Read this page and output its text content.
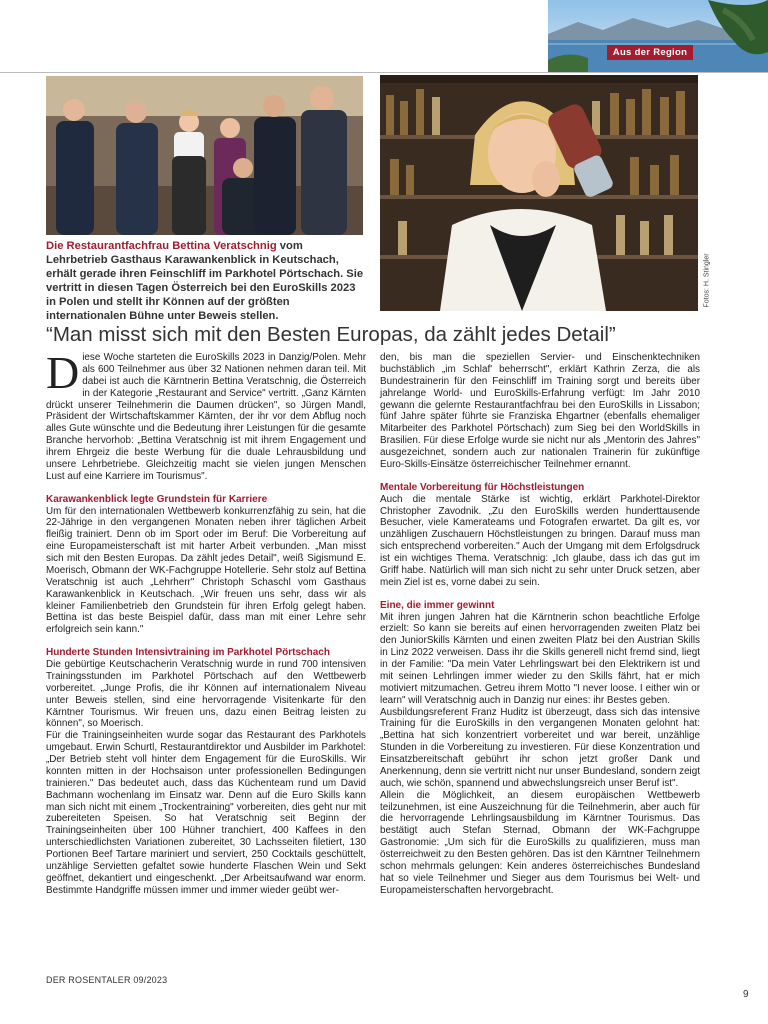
Aus der Region
Fotos: H. Stingler
Die Restaurantfachfrau Bettina Veratschnig vom Lehrbetrieb Gasthaus Karawankenblick in Keutschach, erhält gerade ihren Feinschliff im Parkhotel Pörtschach. Sie vertritt in diesen Tagen Österreich bei den EuroSkills 2023 in Polen und stellt ihr Können auf der größten internationalen Bühne unter Beweis stellen.
“Man misst sich mit den Besten Europas, da zählt jedes Detail”

Diese Woche starteten die EuroSkills 2023 in Danzig/Polen. Mehr als 600 Teilnehmer aus über 32 Nationen nehmen daran teil. Mit dabei ist auch die Kärntnerin Bettina Veratschnig, die Österreich in der Kategorie „Restaurant and Service" vertritt. „Ganz Kärnten drückt unserer Teilnehmerin die Daumen drücken", so Jürgen Mandl, Präsident der Wirtschaftskammer Kärnten, der ihr vor dem Abflug noch alles Gute wünschte und die Bedeutung ihrer Leistungen für die gesamte Branche hervorhob: „Bettina Veratschnig ist mit ihrem Engagement und ihrem Ehrgeiz die beste Werbung für die duale Lehrausbildung und unsere Lehrbetriebe. Gleichzeitig macht sie vielen jungen Menschen Lust auf eine Karriere im Tourismus".

Karawankenblick legte Grundstein für Karriere

Um für den internationalen Wettbewerb konkurrenzfähig zu sein, hat die 22-Jährige in den vergangenen Monaten neben ihrer täglichen Arbeit fleißig trainiert. Denn ob im Sport oder im Beruf: Die Vorbereitung auf eine Europameisterschaft ist mit harter Arbeit verbunden. „Man misst sich mit den Besten Europas. Da zählt jedes Detail", weiß Sigismund E. Moerisch, Obmann der WK-Fachgruppe Hotellerie. Sehr stolz auf Bettina Veratschnig ist auch „Lehrherr" Christoph Schaschl vom Gasthaus Karawankenblick in Keutschach. „Wir freuen uns sehr, dass wir als kleiner Familienbetrieb den Grundstein für ihren Erfolg gelegt haben. Bettina ist das beste Beispiel dafür, dass man mit einer Lehre sehr erfolgreich sein kann."

Hunderte Stunden Intensivtraining im Parkhotel Pörtschach

Die gebürtige Keutschacherin Veratschnig wurde in rund 700 intensiven Trainingsstunden im Parkhotel Pörtschach auf den Wettbewerb vorbereitet. „Junge Profis, die ihr Können auf internationalem Niveau unter Beweis stellen, sind eine hervorragende Visitenkarte für den Kärntner Tourismus. Wir freuen uns, dazu einen Beitrag leisten zu können", so Moerisch.

Für die Trainingseinheiten wurde sogar das Restaurant des Parkhotels umgebaut. Erwin Schurtl, Restaurantdirektor und Ausbilder im Parkhotel: „Der Betrieb steht voll hinter dem Engagement für die EuroSkills. Wir konnten mitten in der Hochsaison unter professionellen Bedingungen trainieren." Das bedeutet auch, dass das Küchenteam rund um David Bachmann wochenlang im Einsatz war. Denn auf die Euro Skills kann man sich nicht mit einem „Trockentraining" vorbereiten, dies geht nur mit zubereiteten Speisen. So hat Veratschnig seit Beginn der Trainingseinheiten über 100 Hühner tranchiert, 400 Kaffees in den unterschiedlichsten Variationen zubereitet, 30 Lachsseiten filetiert, 130 Portionen Beef Tartare mariniert und serviert, 250 Cocktails geschüttelt, unzählige Servietten gefaltet sowie hunderte Flaschen Wein und Sekt geöffnet, dekantiert und eingeschenkt. „Der Arbeitsaufwand war enorm. Bestimmte Handgriffe müssen immer und immer wieder geübt wer-

den, bis man die speziellen Servier- und Einschenktechniken buchstäblich „im Schlaf' beherrscht", erklärt Kathrin Zerza, die als Bundestrainerin für den Feinschliff im Training sorgt und bereits über jahrelange World- und EuroSkills-Erfahrung verfügt: Im Jahr 2010 gewann die gelernte Restaurantfachfrau bei den EuroSkills in Lissabon; fünf Jahre später führte sie Franziska Ehgartner (ebenfalls ehemaliger Mitarbeiter des Parkhotel Pörtschach) zum Sieg bei den WorldSkills in Brasilien. Für diese Erfolge wurde sie nicht nur als „Mentorin des Jahres" ausgezeichnet, sondern auch zur nationalen Trainerin für zukünftige Euro-Skills-Einsätze österreichischer Teilnehmer ernannt.

Mentale Vorbereitung für Höchstleistungen

Auch die mentale Stärke ist wichtig, erklärt Parkhotel-Direktor Christopher Zavodnik. „Zu den EuroSkills werden hunderttausende Besucher, viele Kamerateams und Fotografen erwartet. Da gilt es, vor unzähligen Zuschauern Höchstleistungen zu bringen. Darauf muss man sich entsprechend vorbereiten." Auch der Umgang mit dem Erfolgsdruck ist ein wichtiges Thema. Veratschnig: „Ich glaube, dass ich das gut im Griff habe. Natürlich will man sich nicht zu sehr unter Druck setzen, aber mein Ziel ist es, vorne dabei zu sein.

Eine, die immer gewinnt

Mit ihren jungen Jahren hat die Kärntnerin schon beachtliche Erfolge erzielt: So kann sie bereits auf einen hervorragenden zweiten Platz bei den JuniorSkills Kärnten und einen zweiten Platz bei den Austrian Skills in Linz 2022 verweisen. Dass ihr die Skills generell nicht fremd sind, liegt in der Familie: "Da mein Vater Lehrlingswart bei den Elektrikern ist und mit seinen Lehrlingen immer wieder zu den Skills fährt, hat er mich motiviert mitzumachen. Getreu ihrem Motto "I never loose. I either win or learn" will Veratschnig auch in Danzig nur eines: ihr Bestes geben.

Ausbildungsreferent Franz Huditz ist überzeugt, dass sich das intensive Training für die EuroSkills in den vergangenen Monaten gelohnt hat: „Bettina hat sich konzentriert vorbereitet und war bereit, unzählige Stunden in die Vorbereitung zu investieren. Für diese Konzentration und Einsatzbereitschaft gebührt ihr schon jetzt großer Dank und Anerkennung, denn sie vertritt nicht nur unser Bundesland, sondern zeigt auch, wie schön, spannend und abwechslungsreich unser Beruf ist".

Allein die Möglichkeit, an diesem europäischen Wettbewerb teilzunehmen, ist eine Auszeichnung für die Teilnehmerin, aber auch für die hervorragende Lehrlingsausbildung im Kärntner Tourismus. Das bestätigt auch Stefan Sternad, Obmann der WK-Fachgruppe Gastronomie: „Um sich für die EuroSkills zu qualifizieren, muss man österreichweit zu den Besten gehören. Das ist den Kärntner Teilnehmern schon mehrmals gelungen: Kein anderes österreichisches Bundesland hat so viele Teilnehmer und Sieger aus dem Tourismus bei Welt- und Europameisterschaften hervorgebracht.

DER ROSENTALER 09/2023
9
